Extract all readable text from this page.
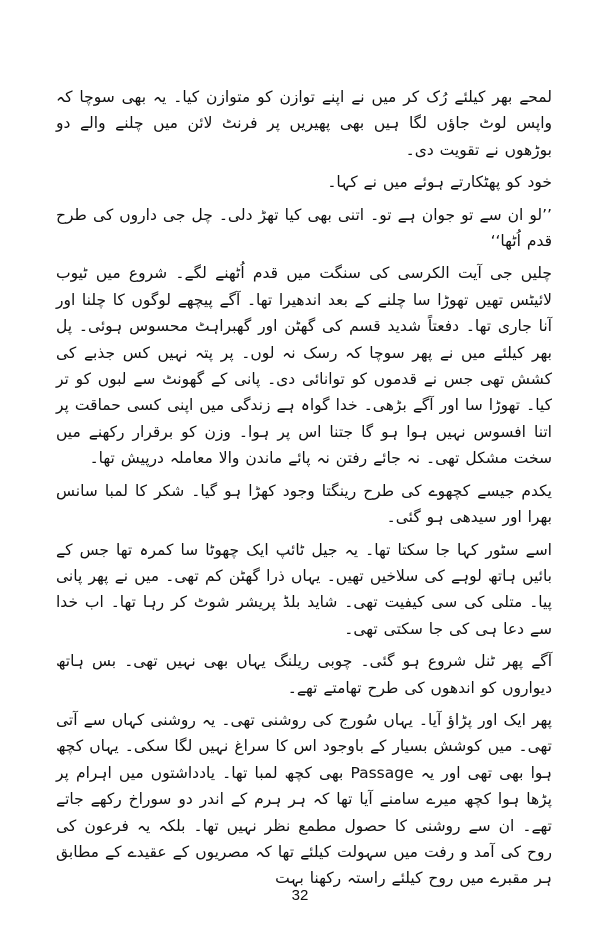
لمحے بھر کیلئے رُک کر میں نے اپنے توازن کو متوازن کیا۔ یہ بھی سوچا کہ واپس لوٹ جاؤں لگا ہیں بھی پھیریں پر فرنٹ لائن میں چلنے والے دو بوڑھوں نے تقویت دی۔

خود کو پھٹکارتے ہوئے میں نے کہا۔

’’لو ان سے تو جوان ہے تو۔ اتنی بھی کیا تھڑ دلی۔ چل جی داروں کی طرح قدم اُٹھا‘‘

چلیں جی آیت الکرسی کی سنگت میں قدم اُٹھنے لگے۔ شروع میں ٹیوب لائیٹس تھیں تھوڑا سا چلنے کے بعد اندھیرا تھا۔ آگے پیچھے لوگوں کا چلنا اور آنا جاری تھا۔ دفعتاً شدید قسم کی گھٹن اور گھبراہٹ محسوس ہوئی۔ پل بھر کیلئے میں نے پھر سوچا کہ رسک نہ لوں۔ پر پتہ نہیں کس جذبے کی کشش تھی جس نے قدموں کو توانائی دی۔ پانی کے گھونٹ سے لبوں کو تر کیا۔ تھوڑا سا اور آگے بڑھی۔ خدا گواہ ہے زندگی میں اپنی کسی حماقت پر اتنا افسوس نہیں ہوا ہو گا جتنا اس پر ہوا۔ وزن کو برقرار رکھنے میں سخت مشکل تھی۔ نہ جائے رفتن نہ پائے ماندن والا معاملہ درپیش تھا۔

یکدم جیسے کچھوے کی طرح رینگتا وجود کھڑا ہو گیا۔ شکر کا لمبا سانس بھرا اور سیدھی ہو گئی۔

اسے سٹور کہا جا سکتا تھا۔ یہ جیل ٹائپ ایک چھوٹا سا کمرہ تھا جس کے بائیں ہاتھ لوہے کی سلاخیں تھیں۔ یہاں ذرا گھٹن کم تھی۔ میں نے پھر پانی پیا۔ متلی کی سی کیفیت تھی۔ شاید بلڈ پریشر شوٹ کر رہا تھا۔ اب خدا سے دعا ہی کی جا سکتی تھی۔

آگے پھر ٹنل شروع ہو گئی۔ چوبی ریلنگ یہاں بھی نہیں تھی۔ بس ہاتھ دیواروں کو اندھوں کی طرح تھامتے تھے۔

پھر ایک اور پڑاؤ آیا۔ یہاں سُورج کی روشنی تھی۔ یہ روشنی کہاں سے آتی تھی۔ میں کوشش بسیار کے باوجود اس کا سراغ نہیں لگا سکی۔ یہاں کچھ ہوا بھی تھی اور یہ Passage بھی کچھ لمبا تھا۔ یادداشتوں میں اہرام پر پڑھا ہوا کچھ میرے سامنے آیا تھا کہ ہر ہرم کے اندر دو سوراخ رکھے جاتے تھے۔ ان سے روشنی کا حصول مطمع نظر نہیں تھا۔ بلکہ یہ فرعون کی روح کی آمد و رفت میں سہولت کیلئے تھا کہ مصریوں کے عقیدے کے مطابق ہر مقبرے میں روح کیلئے راستہ رکھنا بہت

32
